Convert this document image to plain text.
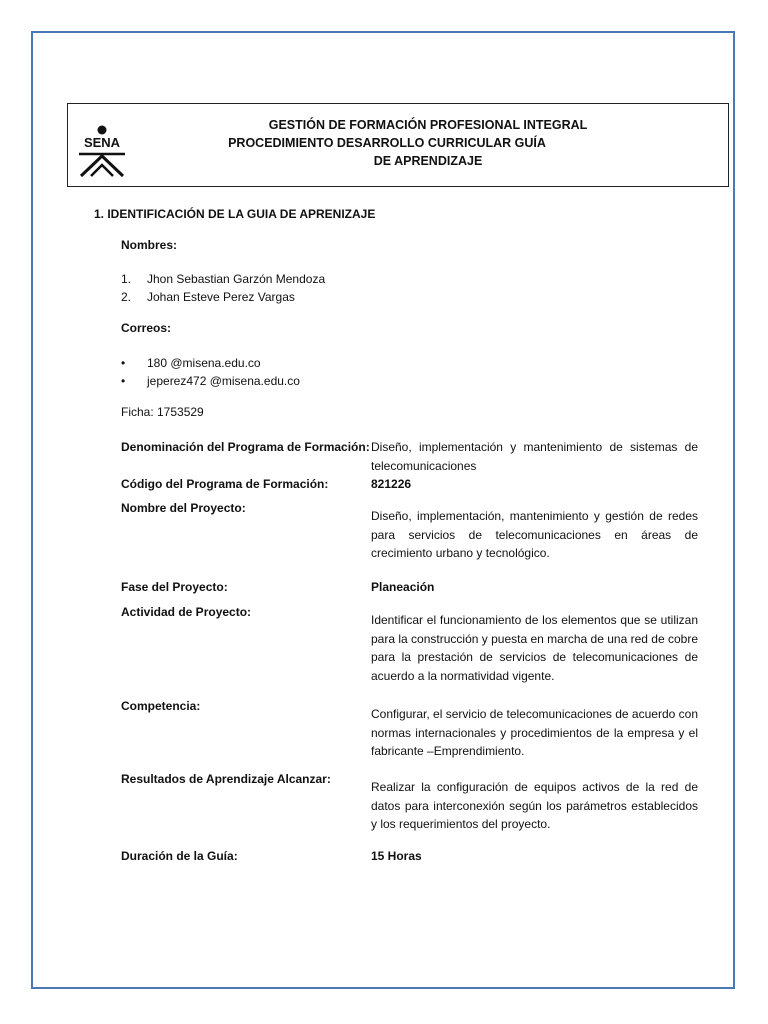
SENA
GESTIÓN DE FORMACIÓN PROFESIONAL INTEGRAL
PROCEDIMIENTO DESARROLLO CURRICULAR GUÍA
DE APRENDIZAJE
1. IDENTIFICACIÓN DE LA GUIA DE APRENIZAJE
Nombres:
1. Jhon Sebastian Garzón Mendoza
2. Johan Esteve Perez Vargas
Correos:
• 180 @misena.edu.co
• jeperez472 @misena.edu.co
Ficha: 1753529
Denominación del Programa de Formación: Diseño, implementación y mantenimiento de sistemas de telecomunicaciones
Código del Programa de Formación:	821226
Nombre del Proyecto:
Diseño, implementación, mantenimiento y gestión de redes para servicios de telecomunicaciones en áreas de crecimiento urbano y tecnológico.
Fase del Proyecto:	Planeación
Actividad de Proyecto:
Identificar el funcionamiento de los elementos que se utilizan para la construcción y puesta en marcha de una red de cobre para la prestación de servicios de telecomunicaciones de acuerdo a la normatividad vigente.
Competencia:
Configurar, el servicio de telecomunicaciones de acuerdo con normas internacionales y procedimientos de la empresa y el fabricante –Emprendimiento.
Resultados de Aprendizaje Alcanzar:
Realizar la configuración de equipos activos de la red de datos para interconexión según los parámetros establecidos y los requerimientos del proyecto.
Duración de la Guía:	15 Horas
